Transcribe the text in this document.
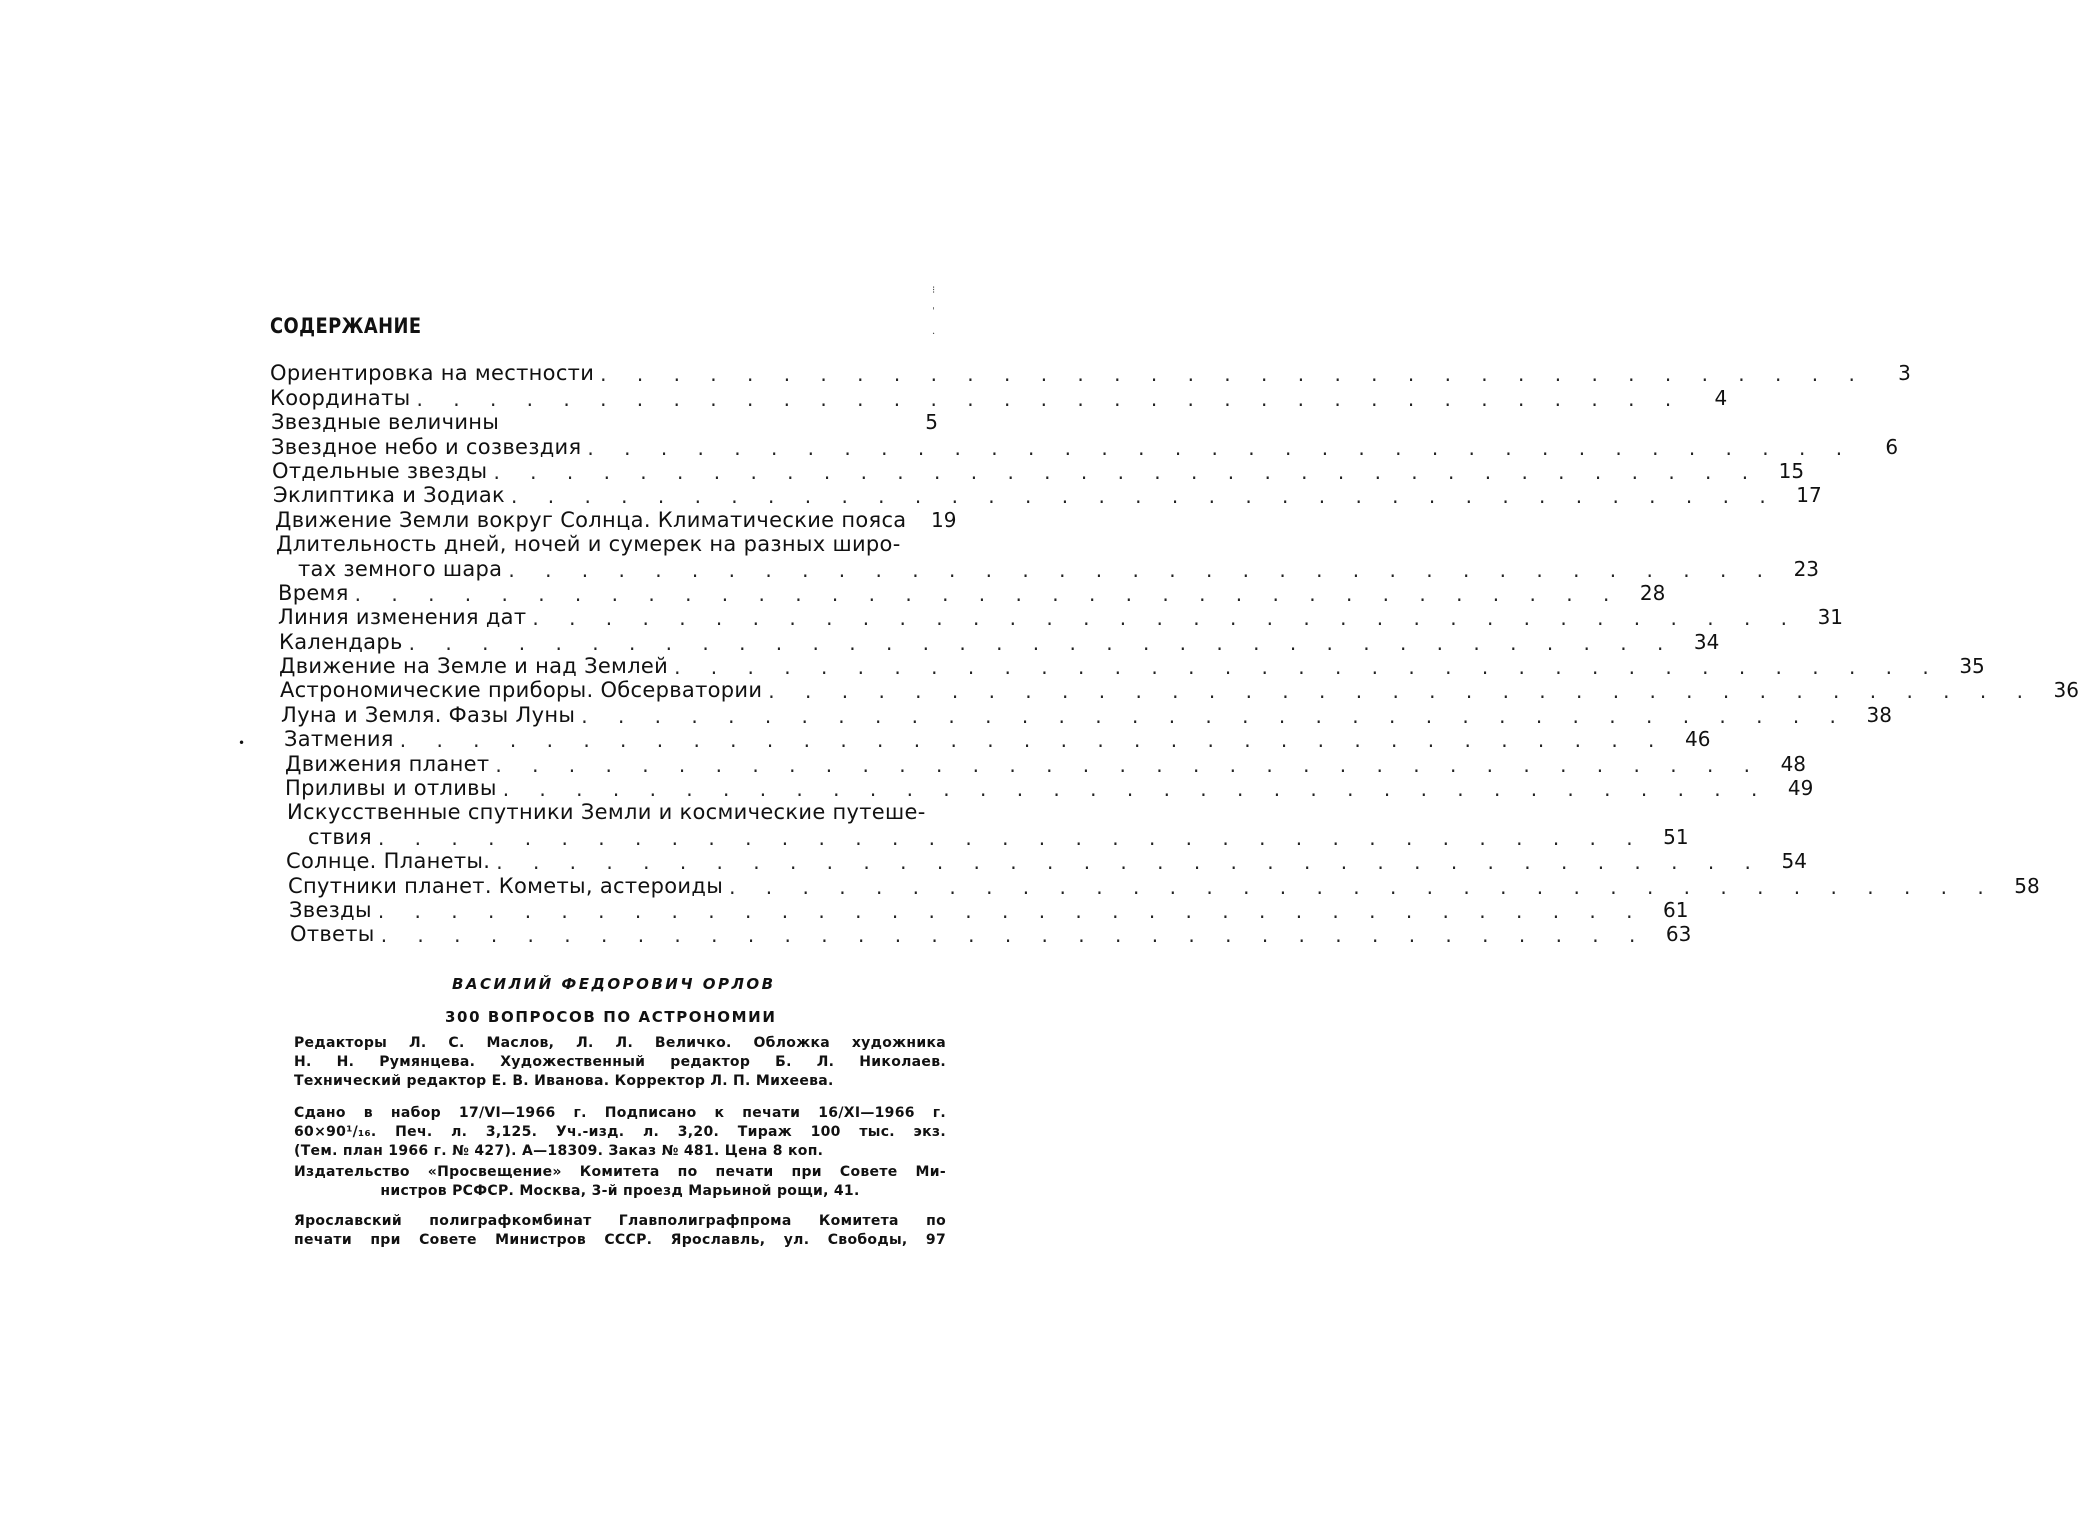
⁝
ˈ
·
•
СОДЕРЖАНИЕ
Ориентировка на местности . . . . . . . . . . . . . . . . . . . . . . . . . . . . . . . . . . .	3
Координаты . . . . . . . . . . . . . . . . . . . . . . . . . . . . . . . . . . .	4
Звездные величины	5
Звездное небо и созвездия . . . . . . . . . . . . . . . . . . . . . . . . . . . . . . . . . . .	6
Отдельные звезды . . . . . . . . . . . . . . . . . . . . . . . . . . . . . . . . . . . 15
Эклиптика и Зодиак . . . . . . . . . . . . . . . . . . . . . . . . . . . . . . . . . . . 17
Движение Земли вокруг Солнца. Климатические пояса	19
Длительность дней, ночей и сумерек на разных широ-
тах земного шара . . . . . . . . . . . . . . . . . . . . . . . . . . . . . . . . . . . 23
Время . . . . . . . . . . . . . . . . . . . . . . . . . . . . . . . . . . . 28
Линия изменения дат . . . . . . . . . . . . . . . . . . . . . . . . . . . . . . . . . . . 31
Календарь . . . . . . . . . . . . . . . . . . . . . . . . . . . . . . . . . . . 34
Движение на Земле и над Землей . . . . . . . . . . . . . . . . . . . . . . . . . . . . . . . . . . . 35
Астрономические приборы. Обсерватории . . . . . . . . . . . . . . . . . . . . . . . . . . . . . . . . . . . 36
Луна и Земля. Фазы Луны . . . . . . . . . . . . . . . . . . . . . . . . . . . . . . . . . . . 38
Затмения . . . . . . . . . . . . . . . . . . . . . . . . . . . . . . . . . . . 46
Движения планет . . . . . . . . . . . . . . . . . . . . . . . . . . . . . . . . . . . 48
Приливы и отливы . . . . . . . . . . . . . . . . . . . . . . . . . . . . . . . . . . . 49
Искусственные спутники Земли и космические путеше-
ствия . . . . . . . . . . . . . . . . . . . . . . . . . . . . . . . . . . . 51
Солнце. Планеты. . . . . . . . . . . . . . . . . . . . . . . . . . . . . . . . . . . . 54
Спутники планет. Кометы, астероиды . . . . . . . . . . . . . . . . . . . . . . . . . . . . . . . . . . . 58
Звезды . . . . . . . . . . . . . . . . . . . . . . . . . . . . . . . . . . . 61
Ответы . . . . . . . . . . . . . . . . . . . . . . . . . . . . . . . . . . . 63
ВАСИЛИЙ ФЕДОРОВИЧ ОРЛОВ
300 ВОПРОСОВ ПО АСТРОНОМИИ
Редакторы Л. С. Маслов, Л. Л. Величко. Обложка художника
Н. Н. Румянцева. Художественный редактор Б. Л. Николаев.
Технический редактор Е. В. Иванова. Корректор Л. П. Михеева.
Сдано в набор 17/VI—1966 г. Подписано к печати 16/XI—1966 г.
60×90¹/₁₆. Печ. л. 3,125. Уч.-изд. л. 3,20. Тираж 100 тыс. экз.
(Тем. план 1966 г. № 427). А—18309. Заказ № 481. Цена 8 коп.
Издательство «Просвещение» Комитета по печати при Совете Ми-
нистров РСФСР. Москва, 3-й проезд Марьиной рощи, 41.
Ярославский полиграфкомбинат Главполиграфпрома Комитета по
печати при Совете Министров СССР. Ярославль, ул. Свободы, 97
